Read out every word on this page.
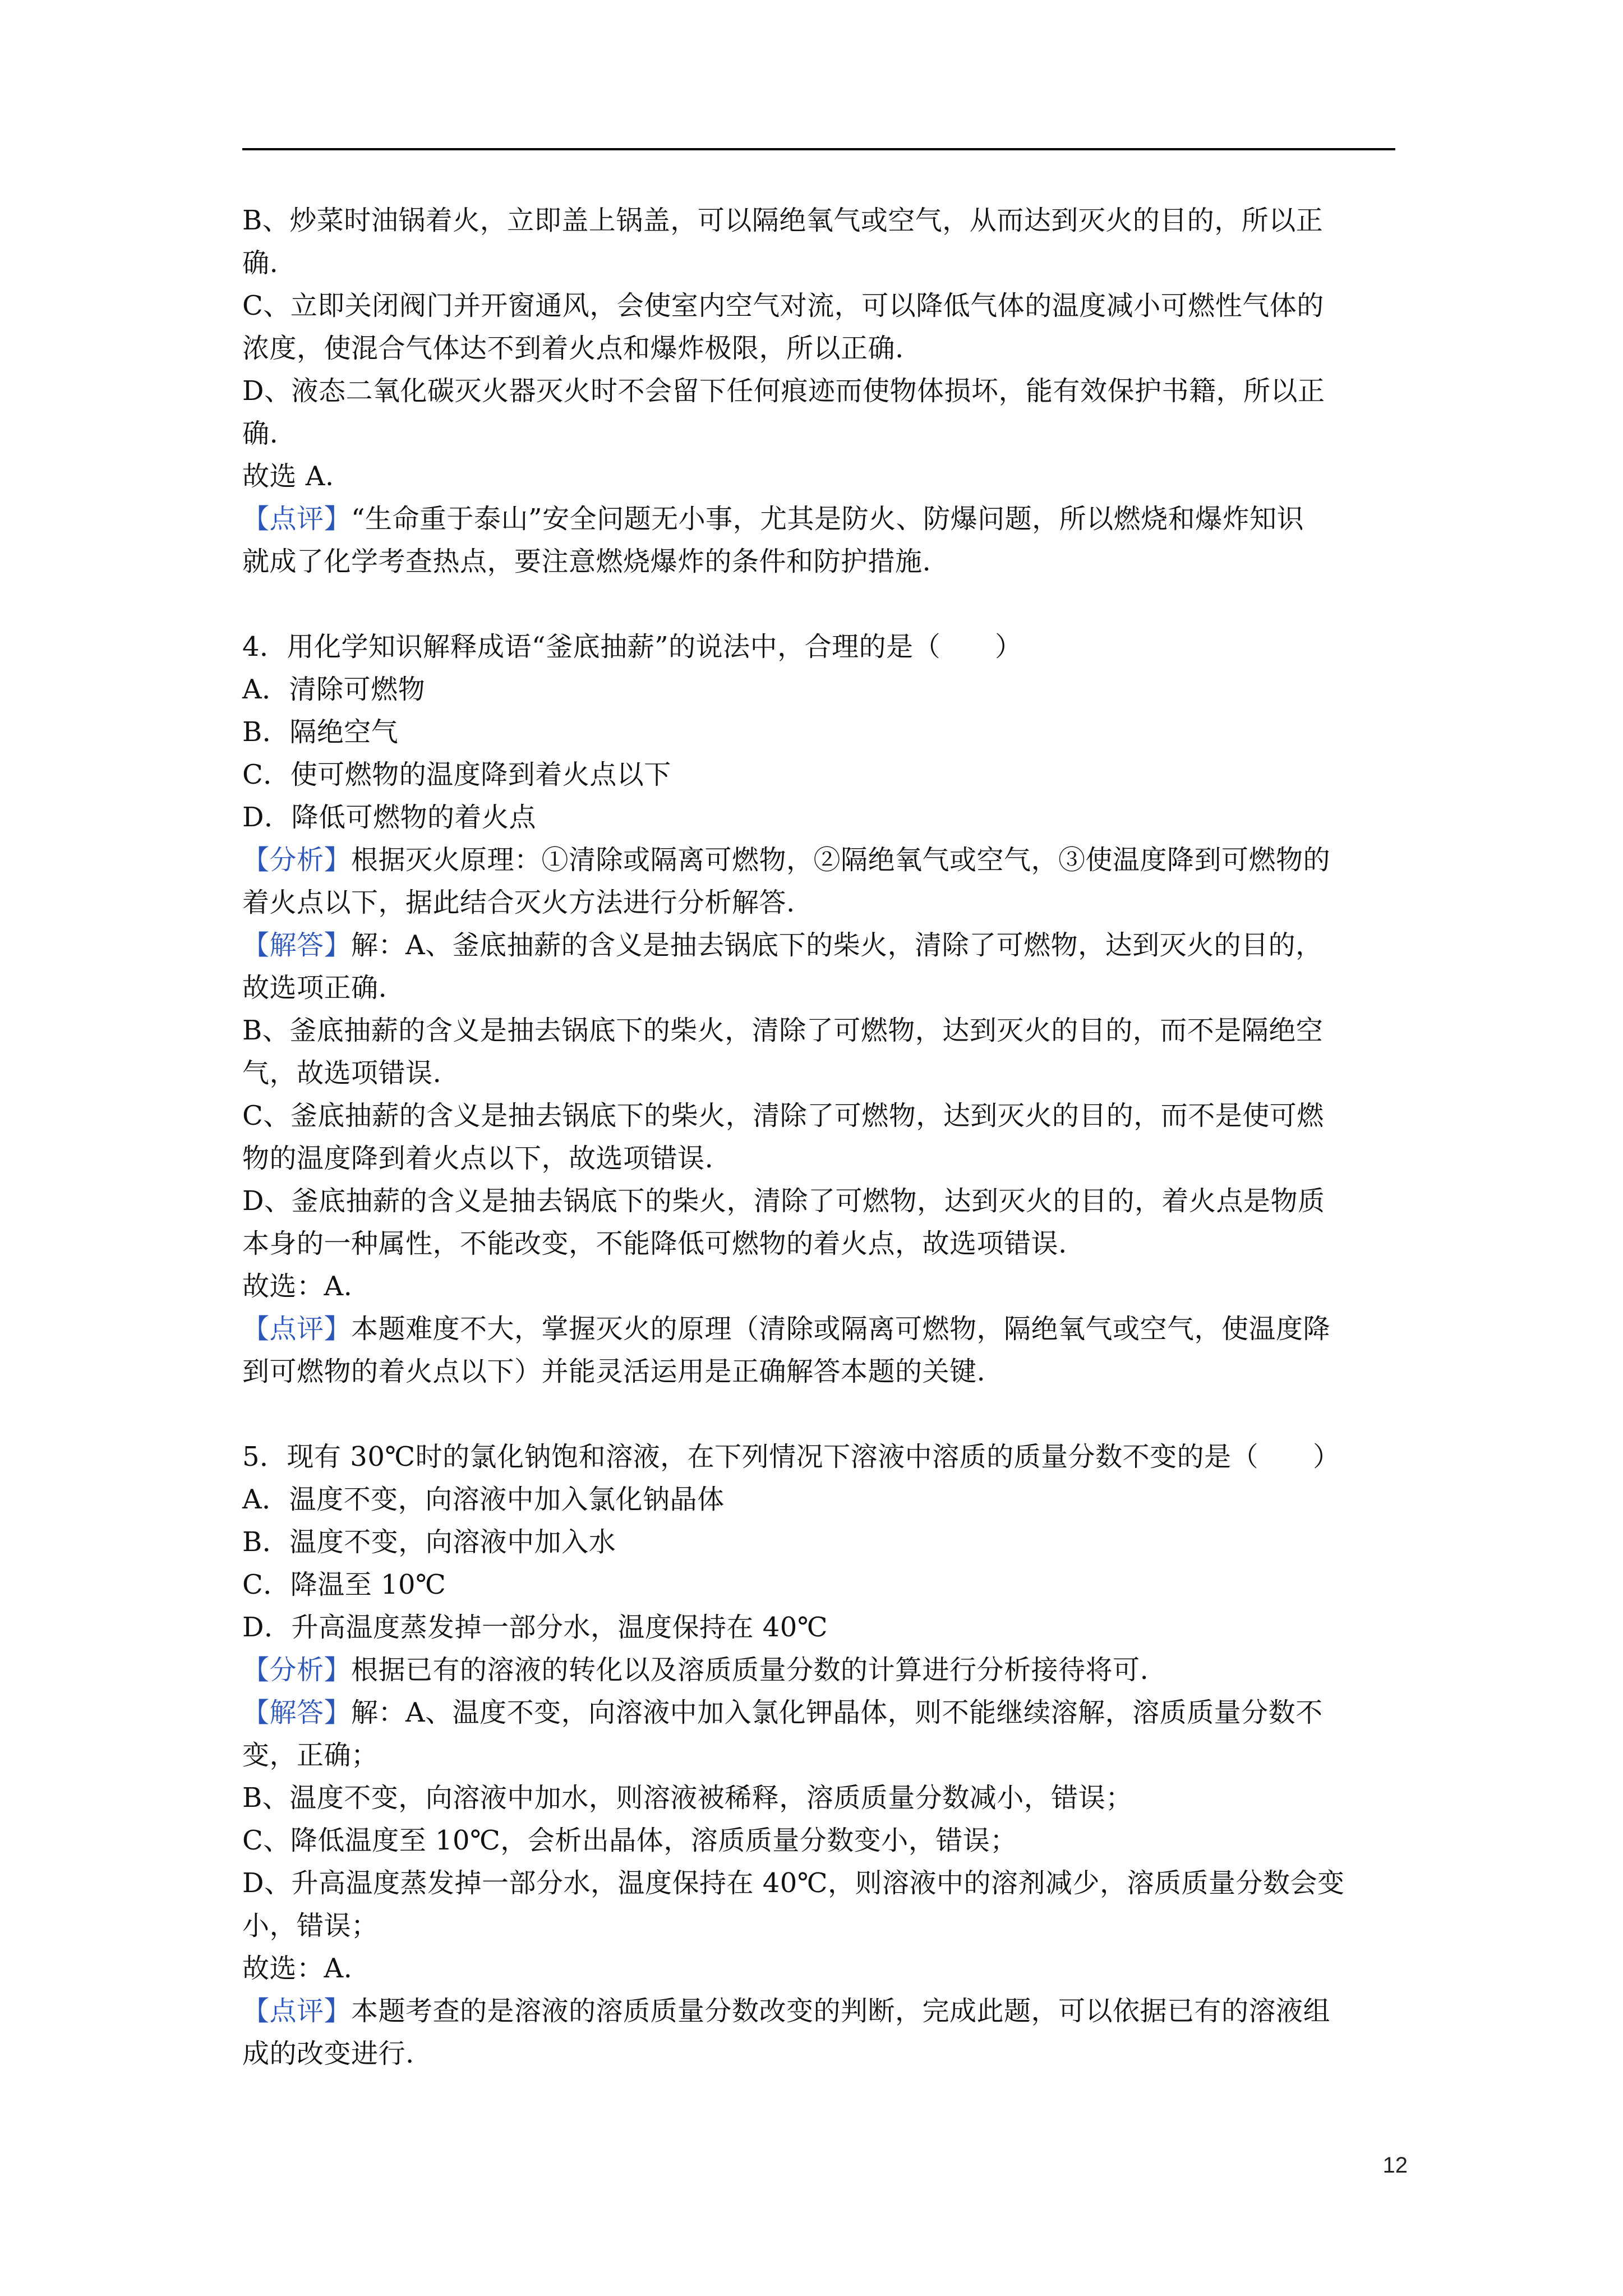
B、炒菜时油锅着火，立即盖上锅盖，可以隔绝氧气或空气，从而达到灭火的目的，所以正
确.
C、立即关闭阀门并开窗通风，会使室内空气对流，可以降低气体的温度减小可燃性气体的
浓度，使混合气体达不到着火点和爆炸极限，所以正确.
D、液态二氧化碳灭火器灭火时不会留下任何痕迹而使物体损坏，能有效保护书籍，所以正
确.
故选 A.
【点评】“生命重于泰山”安全问题无小事，尤其是防火、防爆问题，所以燃烧和爆炸知识
就成了化学考查热点，要注意燃烧爆炸的条件和防护措施.
4．用化学知识解释成语“釜底抽薪”的说法中，合理的是（　　）
A．清除可燃物
B．隔绝空气
C．使可燃物的温度降到着火点以下
D．降低可燃物的着火点
【分析】根据灭火原理：①清除或隔离可燃物，②隔绝氧气或空气，③使温度降到可燃物的
着火点以下，据此结合灭火方法进行分析解答.
【解答】解：A、釜底抽薪的含义是抽去锅底下的柴火，清除了可燃物，达到灭火的目的，
故选项正确.
B、釜底抽薪的含义是抽去锅底下的柴火，清除了可燃物，达到灭火的目的，而不是隔绝空
气，故选项错误.
C、釜底抽薪的含义是抽去锅底下的柴火，清除了可燃物，达到灭火的目的，而不是使可燃
物的温度降到着火点以下，故选项错误.
D、釜底抽薪的含义是抽去锅底下的柴火，清除了可燃物，达到灭火的目的，着火点是物质
本身的一种属性，不能改变，不能降低可燃物的着火点，故选项错误.
故选：A.
【点评】本题难度不大，掌握灭火的原理（清除或隔离可燃物，隔绝氧气或空气，使温度降
到可燃物的着火点以下）并能灵活运用是正确解答本题的关键.
5．现有 30℃时的氯化钠饱和溶液，在下列情况下溶液中溶质的质量分数不变的是（　　）
A．温度不变，向溶液中加入氯化钠晶体
B．温度不变，向溶液中加入水
C．降温至 10℃
D．升高温度蒸发掉一部分水，温度保持在 40℃
【分析】根据已有的溶液的转化以及溶质质量分数的计算进行分析接待将可.
【解答】解：A、温度不变，向溶液中加入氯化钾晶体，则不能继续溶解，溶质质量分数不
变，正确；
B、温度不变，向溶液中加水，则溶液被稀释，溶质质量分数减小，错误；
C、降低温度至 10℃，会析出晶体，溶质质量分数变小，错误；
D、升高温度蒸发掉一部分水，温度保持在 40℃，则溶液中的溶剂减少，溶质质量分数会变
小，错误；
故选：A.
【点评】本题考查的是溶液的溶质质量分数改变的判断，完成此题，可以依据已有的溶液组
成的改变进行.
12
